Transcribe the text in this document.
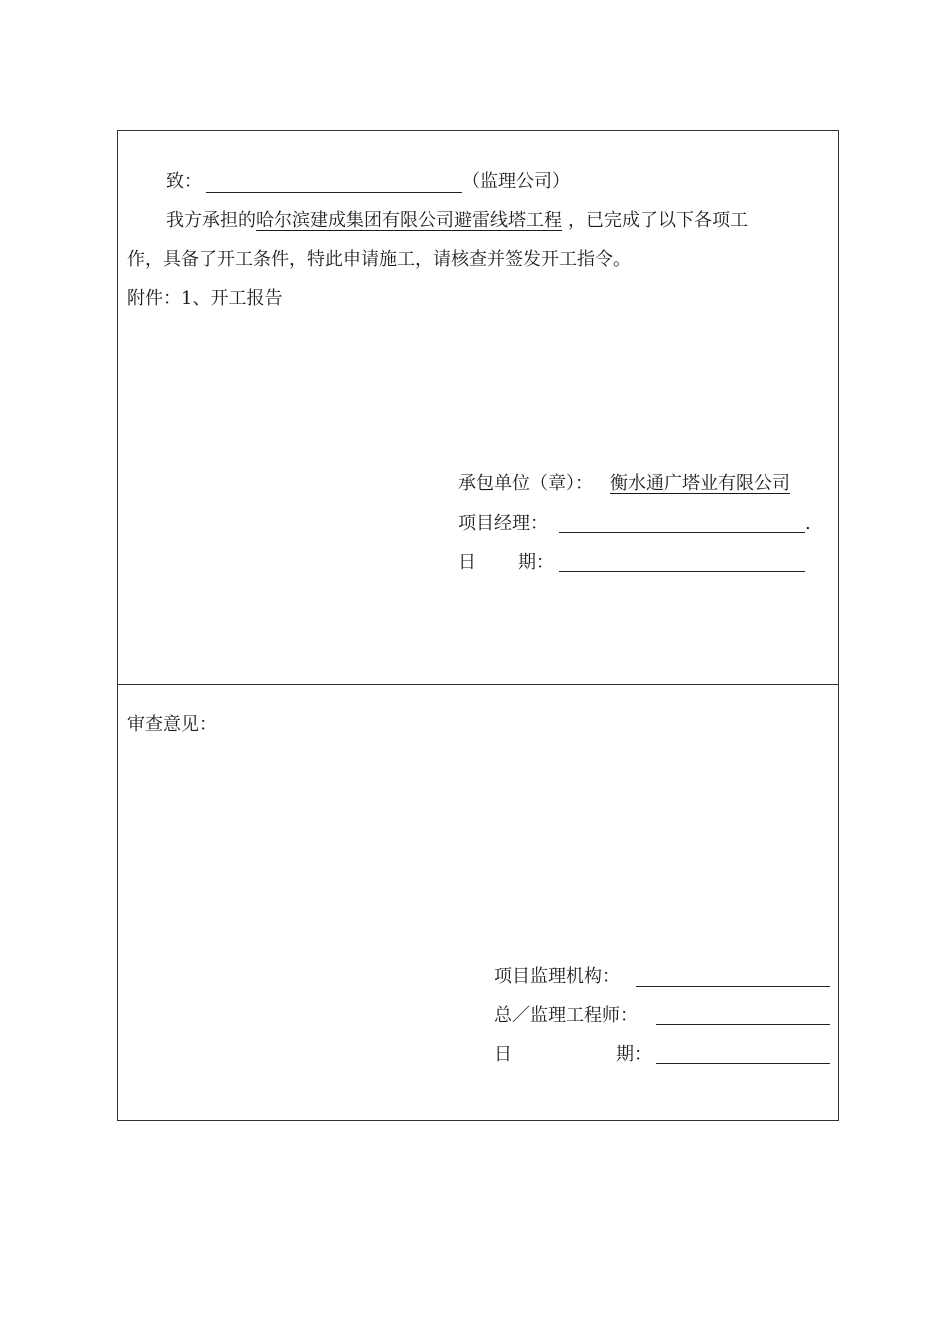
致：	（监理公司）
我方承担的哈尔滨建成集团有限公司避雷线塔工程 ，已完成了以下各项工
作，具备了开工条件，特此申请施工，请核查并签发开工指令。
附件：1、开工报告
承包单位（章）： 衡水通广塔业有限公司
项目经理：	.
日 期：
审查意见：
项目监理机构：
总／监理工程师：
日	期：
